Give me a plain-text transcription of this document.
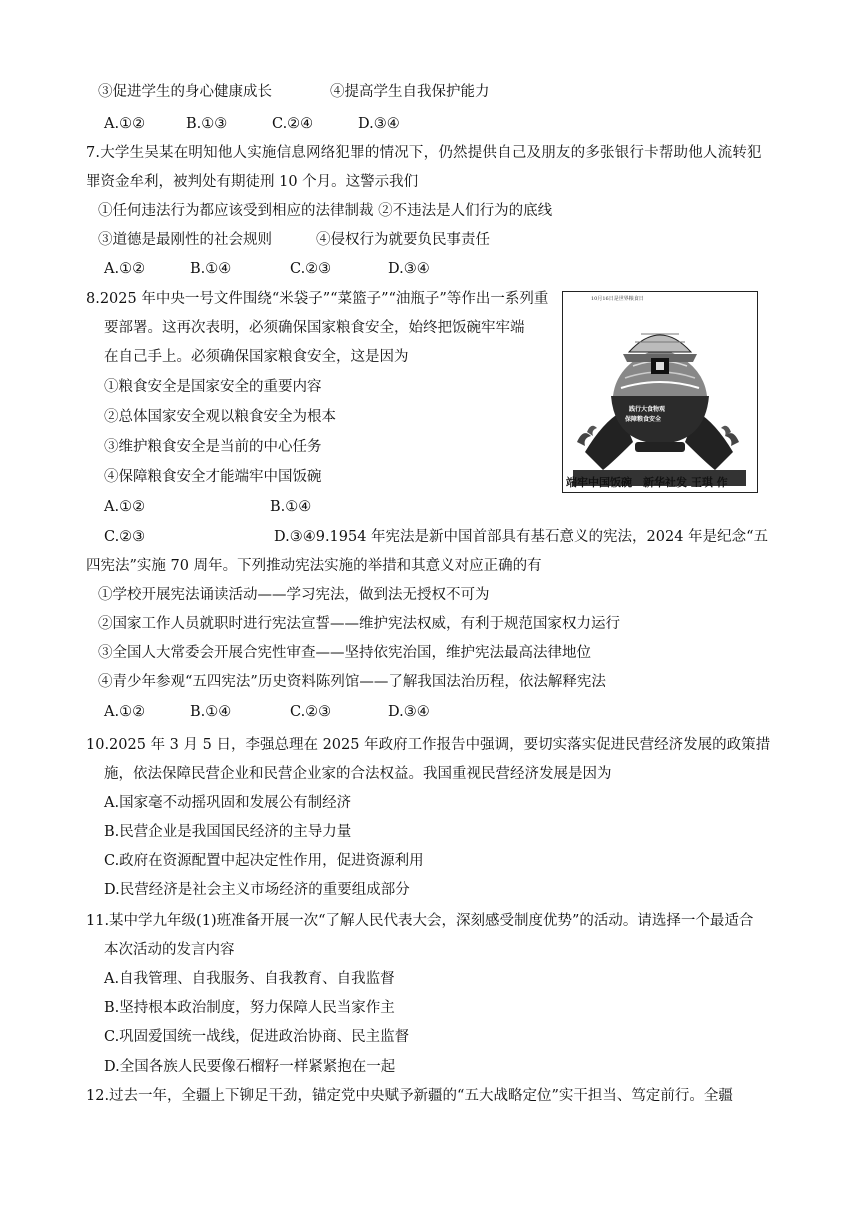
③促进学生的身心健康成长	④提高学生自我保护能力
A.①②	B.①③	C.②④	D.③④
7.大学生吴某在明知他人实施信息网络犯罪的情况下，仍然提供自己及朋友的多张银行卡帮助他人流转犯
罪资金牟利，被判处有期徒刑 10 个月。这警示我们
①任何违法行为都应该受到相应的法律制裁 ②不违法是人们行为的底线
③道德是最刚性的社会规则	④侵权行为就要负民事责任
A.①②	B.①④	C.②③	D.③④
8.2025 年中央一号文件围绕“米袋子”“菜篮子”“油瓶子”等作出一系列重
要部署。这再次表明，必须确保国家粮食安全，始终把饭碗牢牢端
在自己手上。必须确保国家粮食安全，这是因为
①粮食安全是国家安全的重要内容
②总体国家安全观以粮食安全为根本
③维护粮食安全是当前的中心任务
④保障粮食安全才能端牢中国饭碗
A.①②	B.①④
C.②③	D.③④9.1954 年宪法是新中国首部具有基石意义的宪法，2024 年是纪念“五
10月16日是世界粮食日
践行大食物观
保障粮食安全
端牢中国饭碗　新华社发 王琪 作
四宪法”实施 70 周年。下列推动宪法实施的举措和其意义对应正确的有
①学校开展宪法诵读活动——学习宪法，做到法无授权不可为
②国家工作人员就职时进行宪法宣誓——维护宪法权威，有利于规范国家权力运行
③全国人大常委会开展合宪性审查——坚持依宪治国，维护宪法最高法律地位
④青少年参观“五四宪法”历史资料陈列馆——了解我国法治历程，依法解释宪法
A.①②	B.①④	C.②③	D.③④
10.2025 年 3 月 5 日，李强总理在 2025 年政府工作报告中强调，要切实落实促进民营经济发展的政策措
施，依法保障民营企业和民营企业家的合法权益。我国重视民营经济发展是因为
A.国家毫不动摇巩固和发展公有制经济
B.民营企业是我国国民经济的主导力量
C.政府在资源配置中起决定性作用，促进资源利用
D.民营经济是社会主义市场经济的重要组成部分
11.某中学九年级(1)班准备开展一次“了解人民代表大会，深刻感受制度优势”的活动。请选择一个最适合
本次活动的发言内容
A.自我管理、自我服务、自我教育、自我监督
B.坚持根本政治制度，努力保障人民当家作主
C.巩固爱国统一战线，促进政治协商、民主监督
D.全国各族人民要像石榴籽一样紧紧抱在一起
12.过去一年，全疆上下铆足干劲，锚定党中央赋予新疆的“五大战略定位”实干担当、笃定前行。全疆
